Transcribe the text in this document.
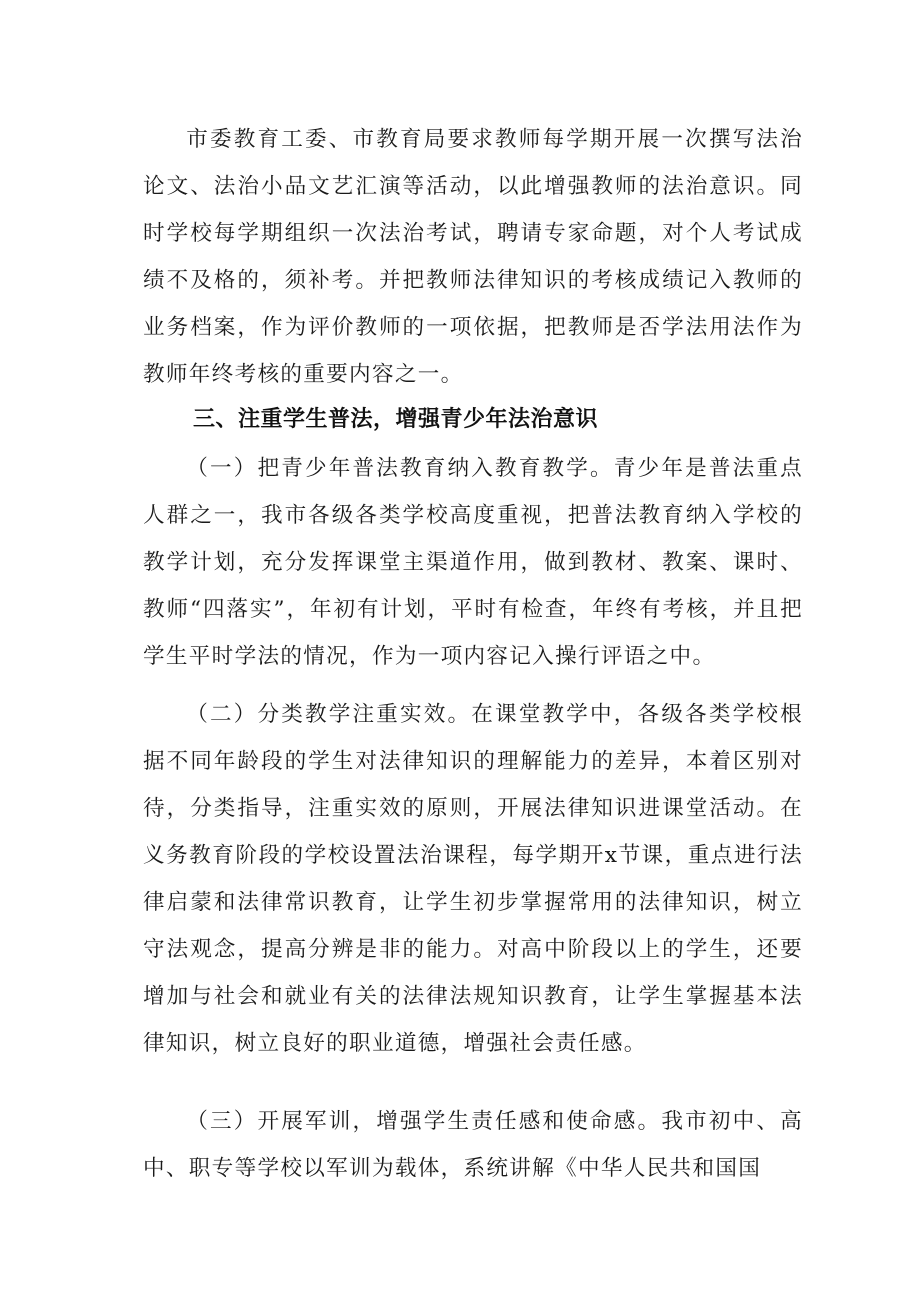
市委教育工委、市教育局要求教师每学期开展一次撰写法治论文、法治小品文艺汇演等活动，以此增强教师的法治意识。同时学校每学期组织一次法治考试，聘请专家命题，对个人考试成绩不及格的，须补考。并把教师法律知识的考核成绩记入教师的业务档案，作为评价教师的一项依据，把教师是否学法用法作为教师年终考核的重要内容之一。

三、注重学生普法，增强青少年法治意识

（一）把青少年普法教育纳入教育教学。青少年是普法重点人群之一，我市各级各类学校高度重视，把普法教育纳入学校的教学计划，充分发挥课堂主渠道作用，做到教材、教案、课时、教师“四落实”，年初有计划，平时有检查，年终有考核，并且把学生平时学法的情况，作为一项内容记入操行评语之中。

（二）分类教学注重实效。在课堂教学中，各级各类学校根据不同年龄段的学生对法律知识的理解能力的差异，本着区别对待，分类指导，注重实效的原则，开展法律知识进课堂活动。在义务教育阶段的学校设置法治课程，每学期开x节课，重点进行法律启蒙和法律常识教育，让学生初步掌握常用的法律知识，树立守法观念，提高分辨是非的能力。对高中阶段以上的学生，还要增加与社会和就业有关的法律法规知识教育，让学生掌握基本法律知识，树立良好的职业道德，增强社会责任感。

（三）开展军训，增强学生责任感和使命感。我市初中、高中、职专等学校以军训为载体，系统讲解《中华人民共和国国
